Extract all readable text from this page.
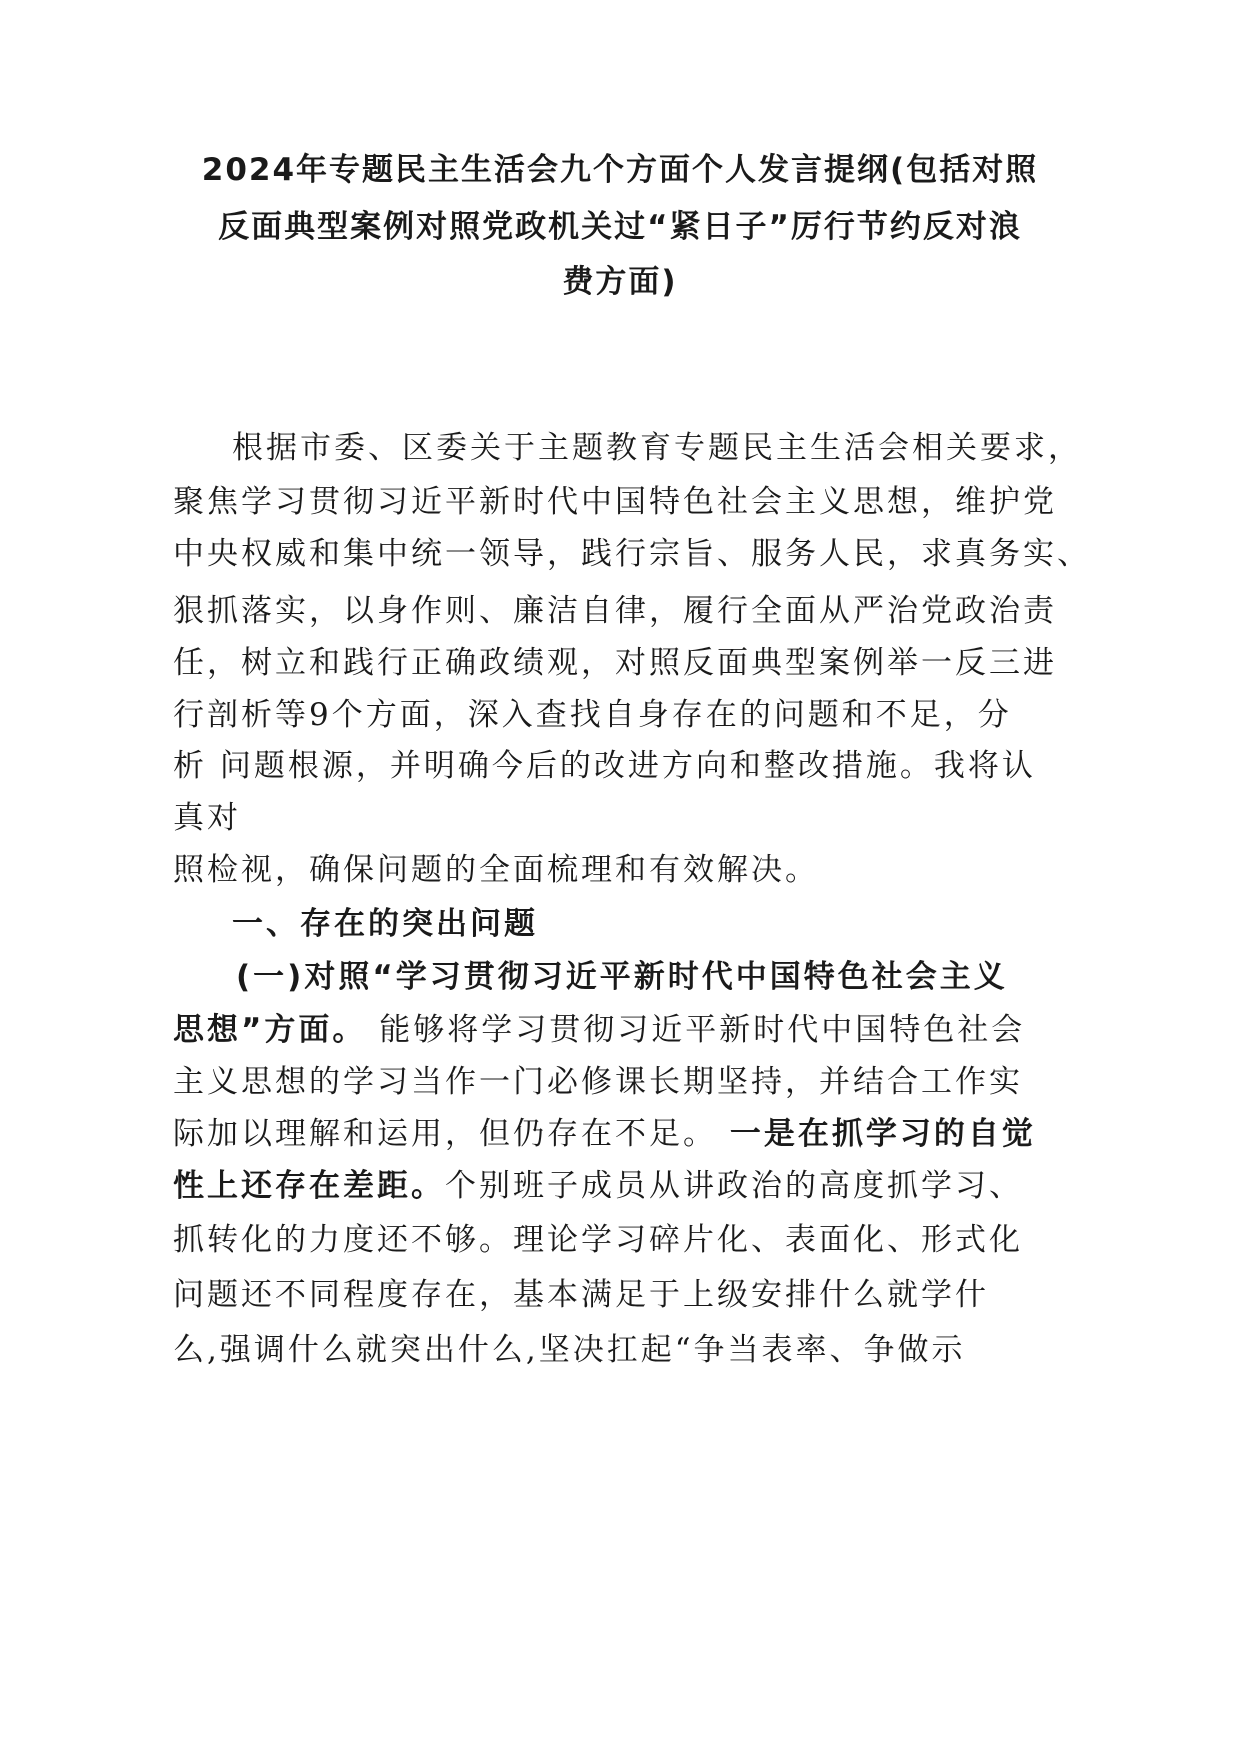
2024年专题民主生活会九个方面个人发言提纲(包括对照
反面典型案例对照党政机关过“紧日子”厉行节约反对浪
费方面)
根据市委、区委关于主题教育专题民主生活会相关要求，
聚焦学习贯彻习近平新时代中国特色社会主义思想，维护党
中央权威和集中统一领导，践行宗旨、服务人民，求真务实、
狠抓落实，以身作则、廉洁自律，履行全面从严治党政治责
任，树立和践行正确政绩观，对照反面典型案例举一反三进
行剖析等9个方面，深入查找自身存在的问题和不足，分
析 问题根源，并明确今后的改进方向和整改措施。我将认
真对
照检视，确保问题的全面梳理和有效解决。
一、存在的突出问题
(一)对照“学习贯彻习近平新时代中国特色社会主义
思想”方面。 能够将学习贯彻习近平新时代中国特色社会
主义思想的学习当作一门必修课长期坚持，并结合工作实
际加以理解和运用，但仍存在不足。 一是在抓学习的自觉
性上还存在差距。个别班子成员从讲政治的高度抓学习、
抓转化的力度还不够。理论学习碎片化、表面化、形式化
问题还不同程度存在，基本满足于上级安排什么就学什
么,强调什么就突出什么,坚决扛起“争当表率、争做示
